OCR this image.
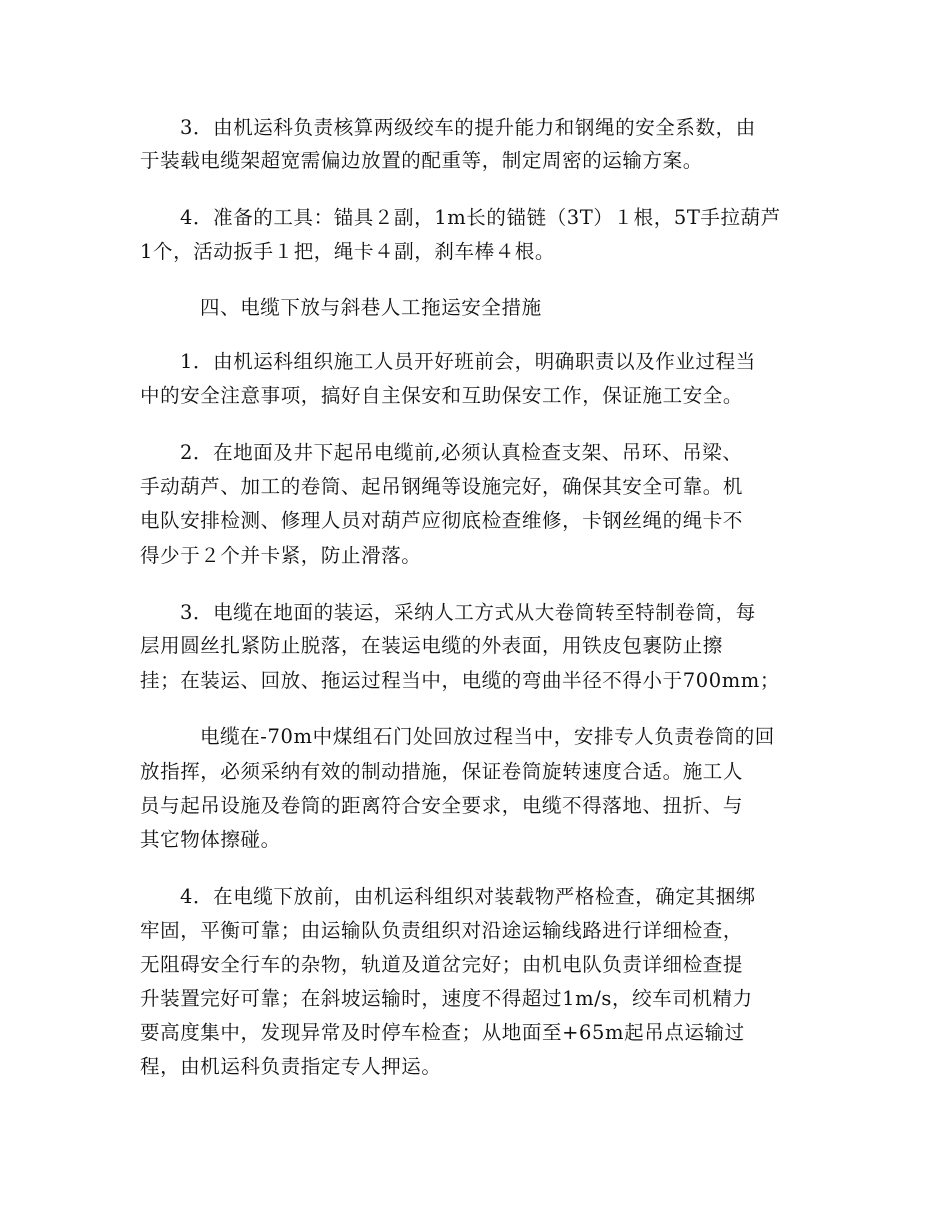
3．由机运科负责核算两级绞车的提升能力和钢绳的安全系数，由
于装载电缆架超宽需偏边放置的配重等，制定周密的运输方案。
4．准备的工具：锚具２副，1m长的锚链（3T）１根，5T手拉葫芦
1个，活动扳手１把，绳卡４副，刹车棒４根。
四、电缆下放与斜巷人工拖运安全措施
1．由机运科组织施工人员开好班前会，明确职责以及作业过程当
中的安全注意事项，搞好自主保安和互助保安工作，保证施工安全。
2．在地面及井下起吊电缆前,必须认真检查支架、吊环、吊梁、
手动葫芦、加工的卷筒、起吊钢绳等设施完好，确保其安全可靠。机
电队安排检测、修理人员对葫芦应彻底检查维修，卡钢丝绳的绳卡不
得少于２个并卡紧，防止滑落。
3．电缆在地面的装运，采纳人工方式从大卷筒转至特制卷筒，每
层用圆丝扎紧防止脱落，在装运电缆的外表面，用铁皮包裹防止擦
挂；在装运、回放、拖运过程当中，电缆的弯曲半径不得小于700mm；
电缆在-70m中煤组石门处回放过程当中，安排专人负责卷筒的回
放指挥，必须采纳有效的制动措施，保证卷筒旋转速度合适。施工人
员与起吊设施及卷筒的距离符合安全要求，电缆不得落地、扭折、与
其它物体擦碰。
4．在电缆下放前，由机运科组织对装载物严格检查，确定其捆绑
牢固，平衡可靠；由运输队负责组织对沿途运输线路进行详细检查，
无阻碍安全行车的杂物，轨道及道岔完好；由机电队负责详细检查提
升装置完好可靠；在斜坡运输时，速度不得超过1m/s，绞车司机精力
要高度集中，发现异常及时停车检查；从地面至+65m起吊点运输过
程，由机运科负责指定专人押运。
